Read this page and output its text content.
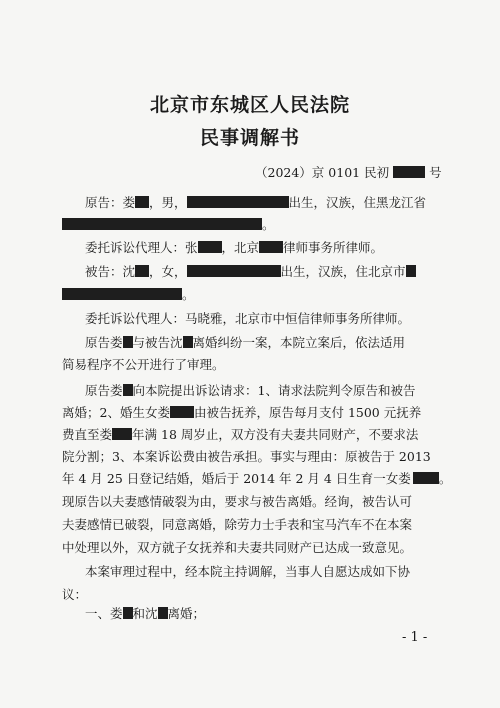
北京市东城区人民法院
民事调解书
（2024）京 0101 民初	号
原告：娄 ，男，	出生，汉族，住黑龙江省
。
委托诉讼代理人：张 ，北京 律师事务所律师。
被告：沈 ，女，	出生，汉族，住北京市
。
委托诉讼代理人：马晓雅，北京市中恒信律师事务所律师。
原告娄 与被告沈 离婚纠纷一案，本院立案后，依法适用
简易程序不公开进行了审理。
原告娄 向本院提出诉讼请求：1、请求法院判令原告和被告
离婚；2、婚生女娄 由被告抚养，原告每月支付 1500 元抚养
费直至娄 年满 18 周岁止，双方没有夫妻共同财产，不要求法
院分割；3、本案诉讼费由被告承担。事实与理由：原被告于 2013
年 4 月 25 日登记结婚，婚后于 2014 年 2 月 4 日生育一女娄 。
现原告以夫妻感情破裂为由，要求与被告离婚。经询，被告认可
夫妻感情已破裂，同意离婚，除劳力士手表和宝马汽车不在本案
中处理以外，双方就子女抚养和夫妻共同财产已达成一致意见。
本案审理过程中，经本院主持调解，当事人自愿达成如下协
议：
一、娄 和沈 离婚；
- 1 -
